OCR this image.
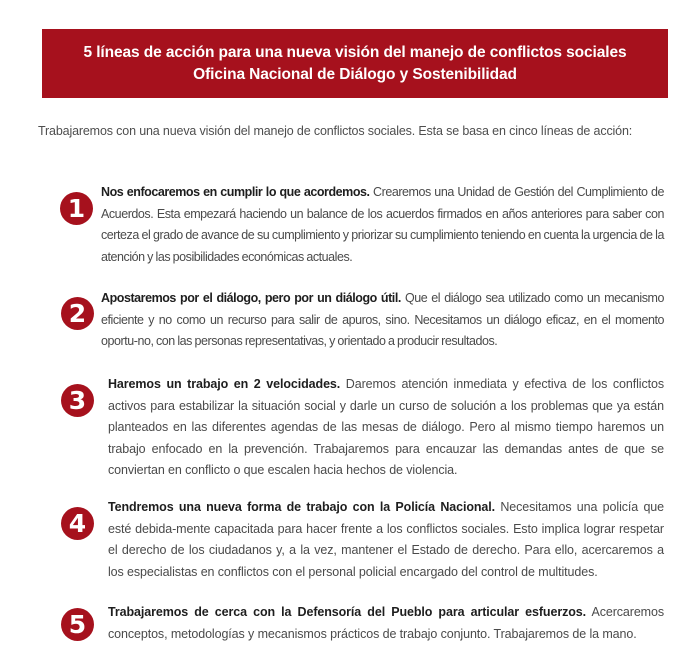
5 líneas de acción para una nueva visión del manejo de conflictos sociales
Oficina Nacional de Diálogo y Sostenibilidad
Trabajaremos con una nueva visión del manejo de conflictos sociales. Esta se basa en cinco líneas de acción:
1
Nos enfocaremos en cumplir lo que acordemos. Crearemos una Unidad de Gestión del Cumplimiento de Acuerdos. Esta empezará haciendo un balance de los acuerdos firmados en años anteriores para saber con certeza el grado de avance de su cumplimiento y priorizar su cumplimiento teniendo en cuenta la urgencia de la atención y las posibilidades económicas actuales.
2
Apostaremos por el diálogo, pero por un diálogo útil. Que el diálogo sea utilizado como un mecanismo eficiente y no como un recurso para salir de apuros, sino. Necesitamos un diálogo eficaz, en el momento oportu-no, con las personas representativas, y orientado a producir resultados.
3
Haremos un trabajo en 2 velocidades. Daremos atención inmediata y efectiva de los conflictos activos para estabilizar la situación social y darle un curso de solución a los problemas que ya están planteados en las diferentes agendas de las mesas de diálogo. Pero al mismo tiempo haremos un trabajo enfocado en la prevención. Trabajaremos para encauzar las demandas antes de que se conviertan en conflicto o que escalen hacia hechos de violencia.
4
Tendremos una nueva forma de trabajo con la Policía Nacional. Necesitamos una policía que esté debida-mente capacitada para hacer frente a los conflictos sociales. Esto implica lograr respetar el derecho de los ciudadanos y, a la vez, mantener el Estado de derecho. Para ello, acercaremos a los especialistas en conflictos con el personal policial encargado del control de multitudes.
5	Trabajaremos de cerca con la Defensoría del Pueblo para articular esfuerzos. Acercaremos conceptos, metodologías y mecanismos prácticos de trabajo conjunto. Trabajaremos de la mano.
